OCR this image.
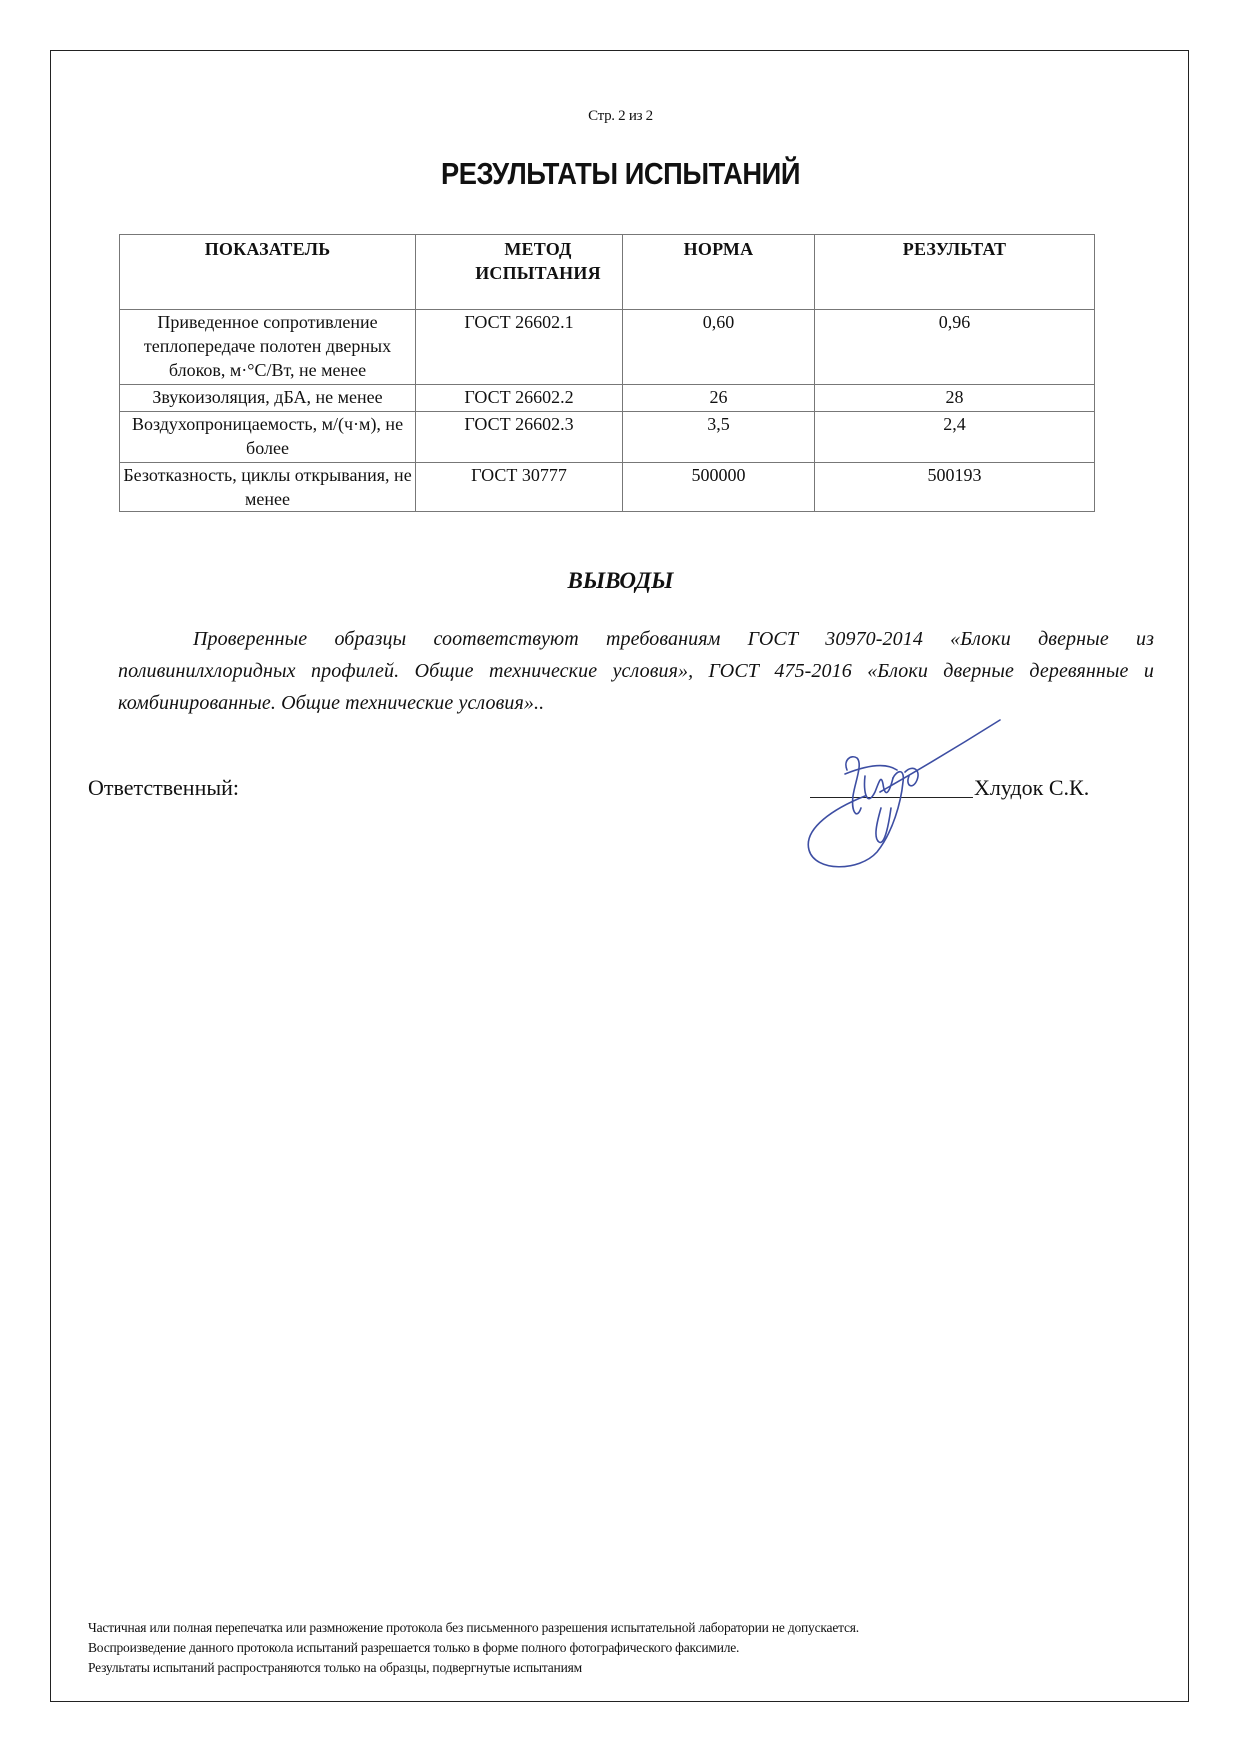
Стр. 2 из 2
РЕЗУЛЬТАТЫ ИСПЫТАНИЙ
ПОКАЗАТЕЛЬ	МЕТОД ИСПЫТАНИЯ	НОРМА	РЕЗУЛЬТАТ
Приведенное сопротивление теплопередаче полотен дверных блоков, м·°С/Вт, не менее	ГОСТ 26602.1	0,60	0,96
Звукоизоляция, дБА, не менее	ГОСТ 26602.2	26	28
Воздухопроницаемость, м/(ч·м), не более	ГОСТ 26602.3	3,5	2,4
Безотказность, циклы открывания, не менее	ГОСТ 30777	500000	500193
ВЫВОДЫ
Проверенные образцы соответствуют требованиям ГОСТ 30970-2014 «Блоки дверные из поливинилхлоридных профилей. Общие технические условия», ГОСТ 475-2016 «Блоки дверные деревянные и комбинированные. Общие технические условия»..
Ответственный:	Хлудок С.К.
Частичная или полная перепечатка или размножение протокола без письменного разрешения испытательной лаборатории не допускается.
Воспроизведение данного протокола испытаний разрешается только в форме полного фотографического факсимиле.
Результаты испытаний распространяются только на образцы, подвергнутые испытаниям
